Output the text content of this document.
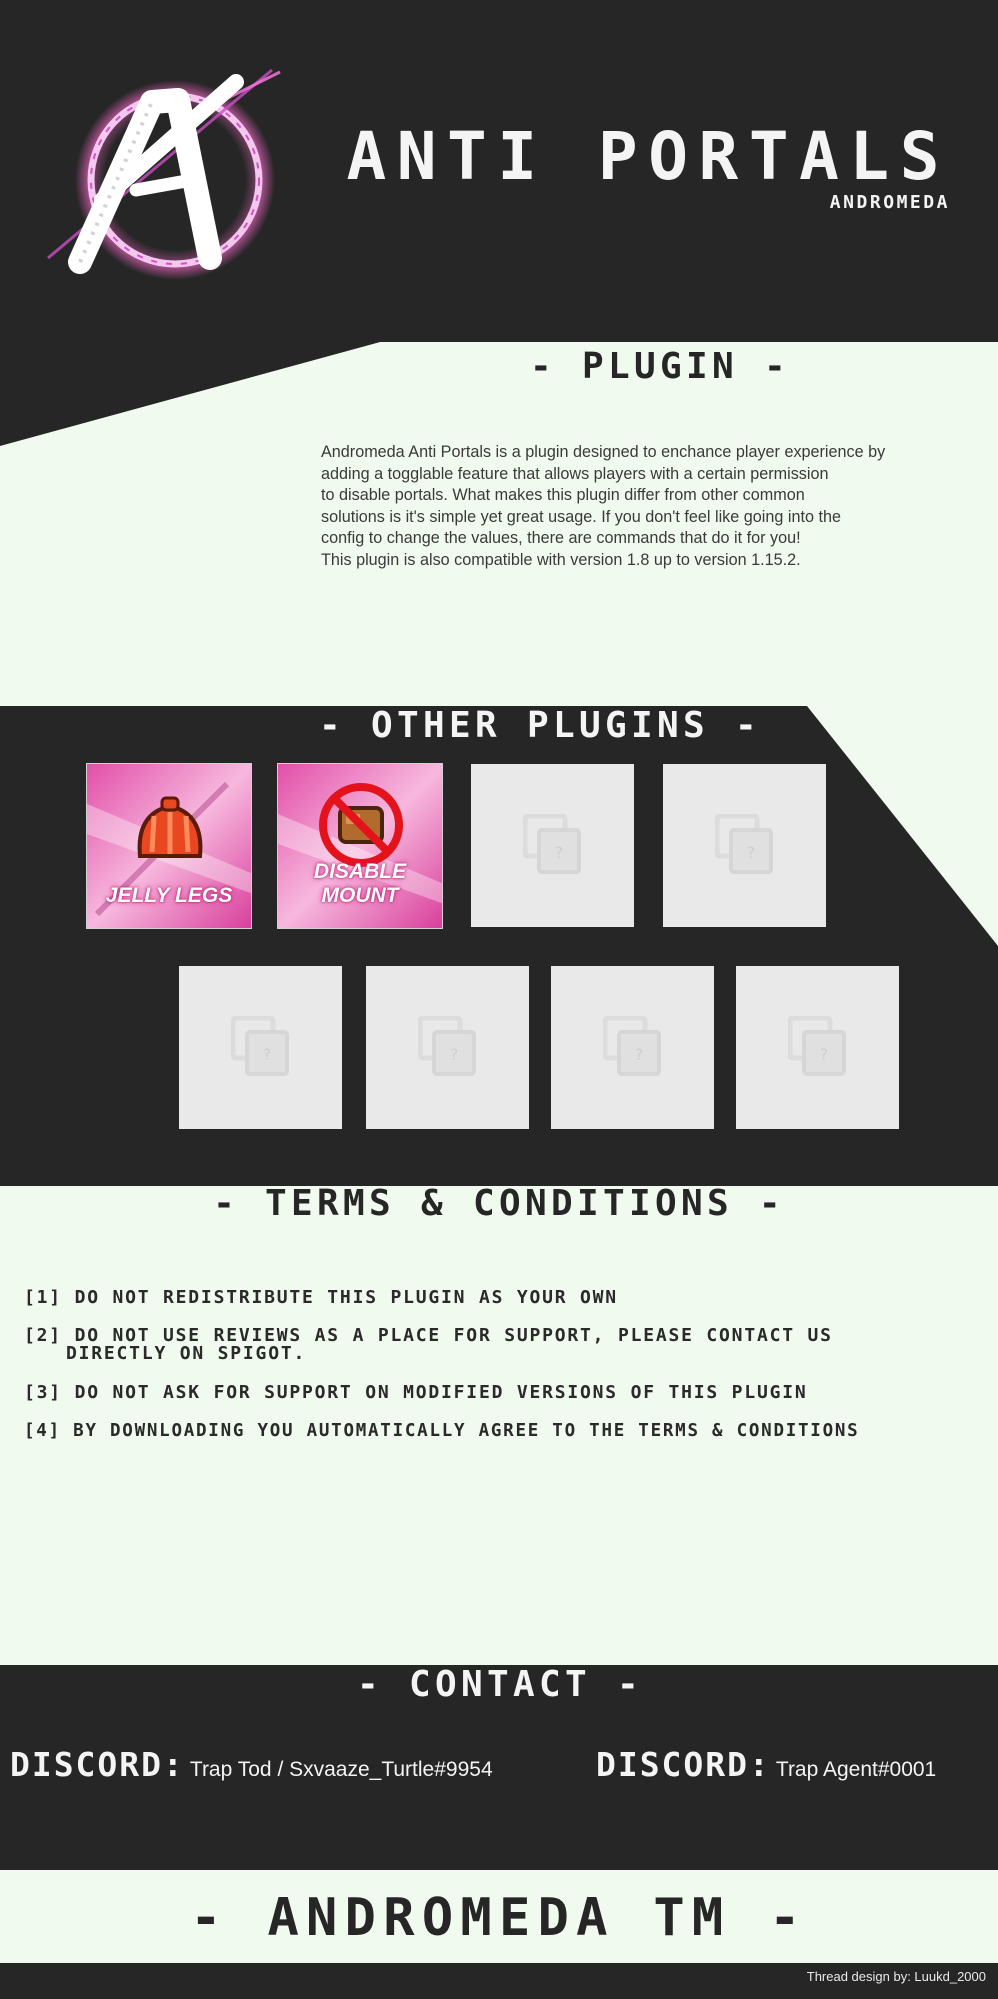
ANTI PORTALS
ANDROMEDA
- PLUGIN -

Andromeda Anti Portals is a plugin designed to enchance player experience by

adding a togglable feature that allows players with a certain permission

to disable portals. What makes this plugin differ from other common

solutions is it's simple yet great usage. If you don't feel like going into the

config to change the values, there are commands that do it for you!

This plugin is also compatible with version 1.8 up to version 1.15.2.

- OTHER PLUGINS -
JELLY LEGS
DISABLE MOUNT
?	?
?	?	?	?
- TERMS & CONDITIONS -
[1] DO NOT REDISTRIBUTE THIS PLUGIN AS YOUR OWN
[2] DO NOT USE REVIEWS AS A PLACE FOR SUPPORT, PLEASE CONTACT US
DIRECTLY ON SPIGOT.
[3] DO NOT ASK FOR SUPPORT ON MODIFIED VERSIONS OF THIS PLUGIN
[4] BY DOWNLOADING YOU AUTOMATICALLY AGREE TO THE TERMS & CONDITIONS
- CONTACT -
DISCORD: Trap Tod / Sxvaaze_Turtle#9954	DISCORD: Trap Agent#0001
- ANDROMEDA TM -
Thread design by: Luukd_2000
